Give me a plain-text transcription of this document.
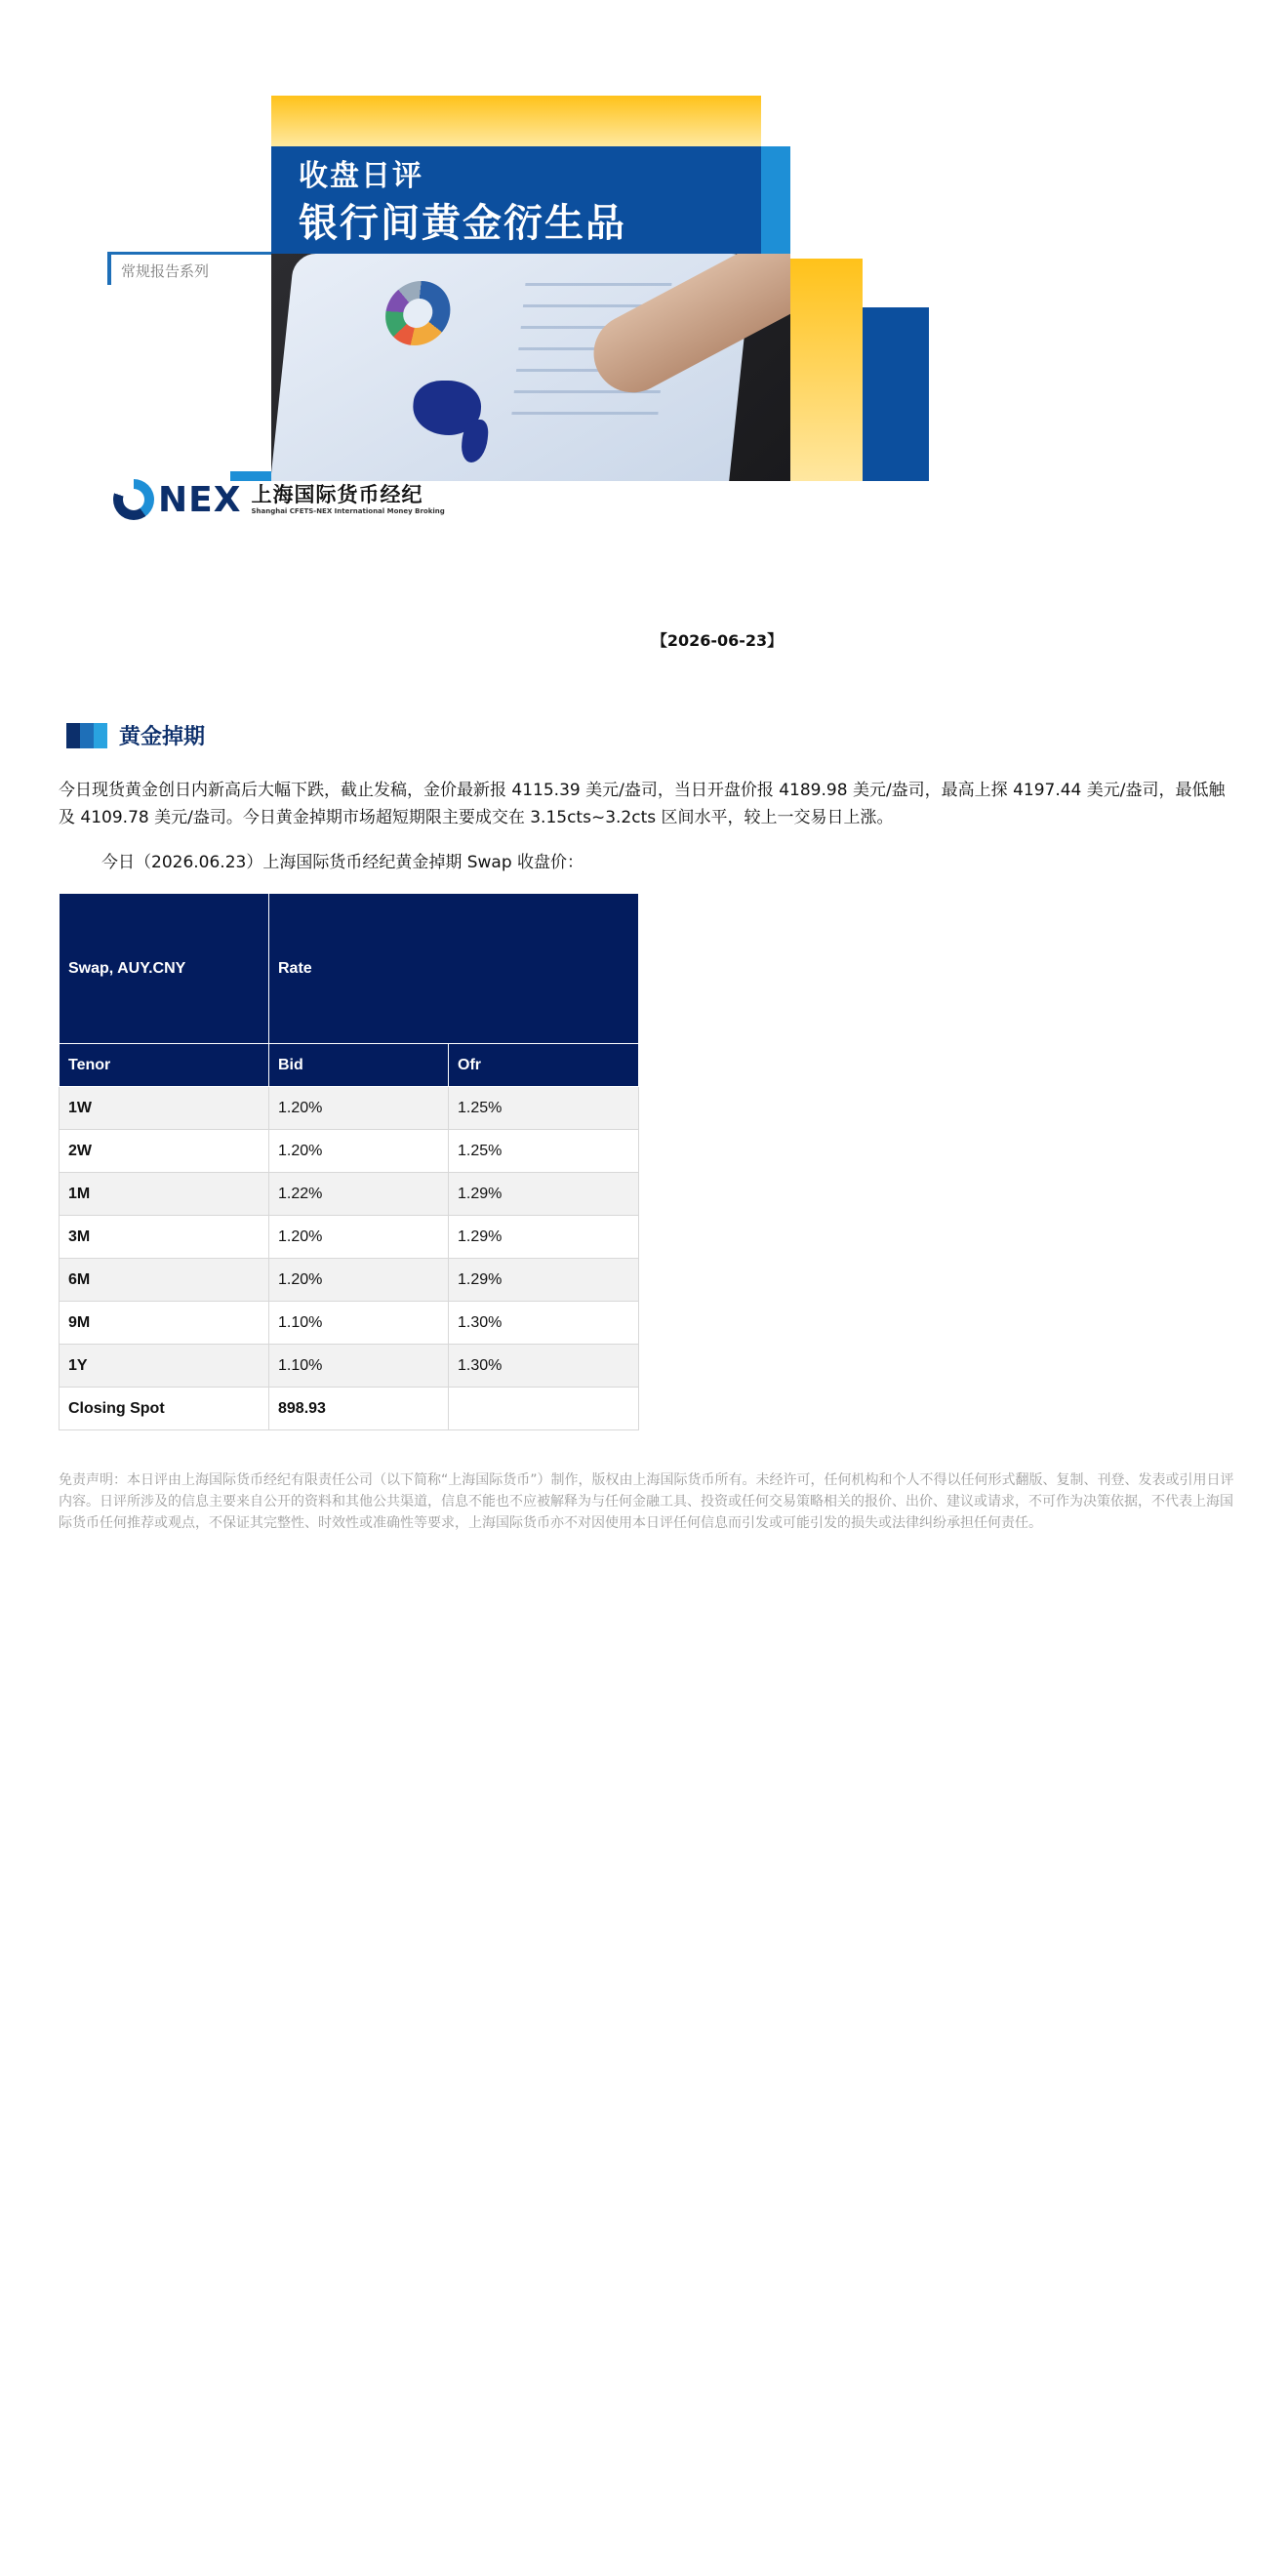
常规报告系列
收盘日评
银行间黄金衍生品
NEX 上海国际货币经纪
Shanghai CFETS-NEX International Money Broking
【2026-06-23】
黄金掉期
今日现货黄金创日内新高后大幅下跌，截止发稿，金价最新报 4115.39 美元/盎司，当日开盘价报 4189.98 美元/盎司，最高上探 4197.44 美元/盎司，最低触及 4109.78 美元/盎司。今日黄金掉期市场超短期限主要成交在 3.15cts~3.2cts 区间水平，较上一交易日上涨。
今日（2026.06.23）上海国际货币经纪黄金掉期 Swap 收盘价：
Swap, AUY.CNY	Rate	
Tenor	Bid	Ofr
1W	1.20%	1.25%
2W	1.20%	1.25%
1M	1.22%	1.29%
3M	1.20%	1.29%
6M	1.20%	1.29%
9M	1.10%	1.30%
1Y	1.10%	1.30%
Closing Spot	898.93	
免责声明：本日评由上海国际货币经纪有限责任公司（以下简称“上海国际货币”）制作，版权由上海国际货币所有。未经许可，任何机构和个人不得以任何形式翻版、复制、刊登、发表或引用日评内容。日评所涉及的信息主要来自公开的资料和其他公共渠道，信息不能也不应被解释为与任何金融工具、投资或任何交易策略相关的报价、出价、建议或请求，不可作为决策依据，不代表上海国际货币任何推荐或观点，不保证其完整性、时效性或准确性等要求，上海国际货币亦不对因使用本日评任何信息而引发或可能引发的损失或法律纠纷承担任何责任。
